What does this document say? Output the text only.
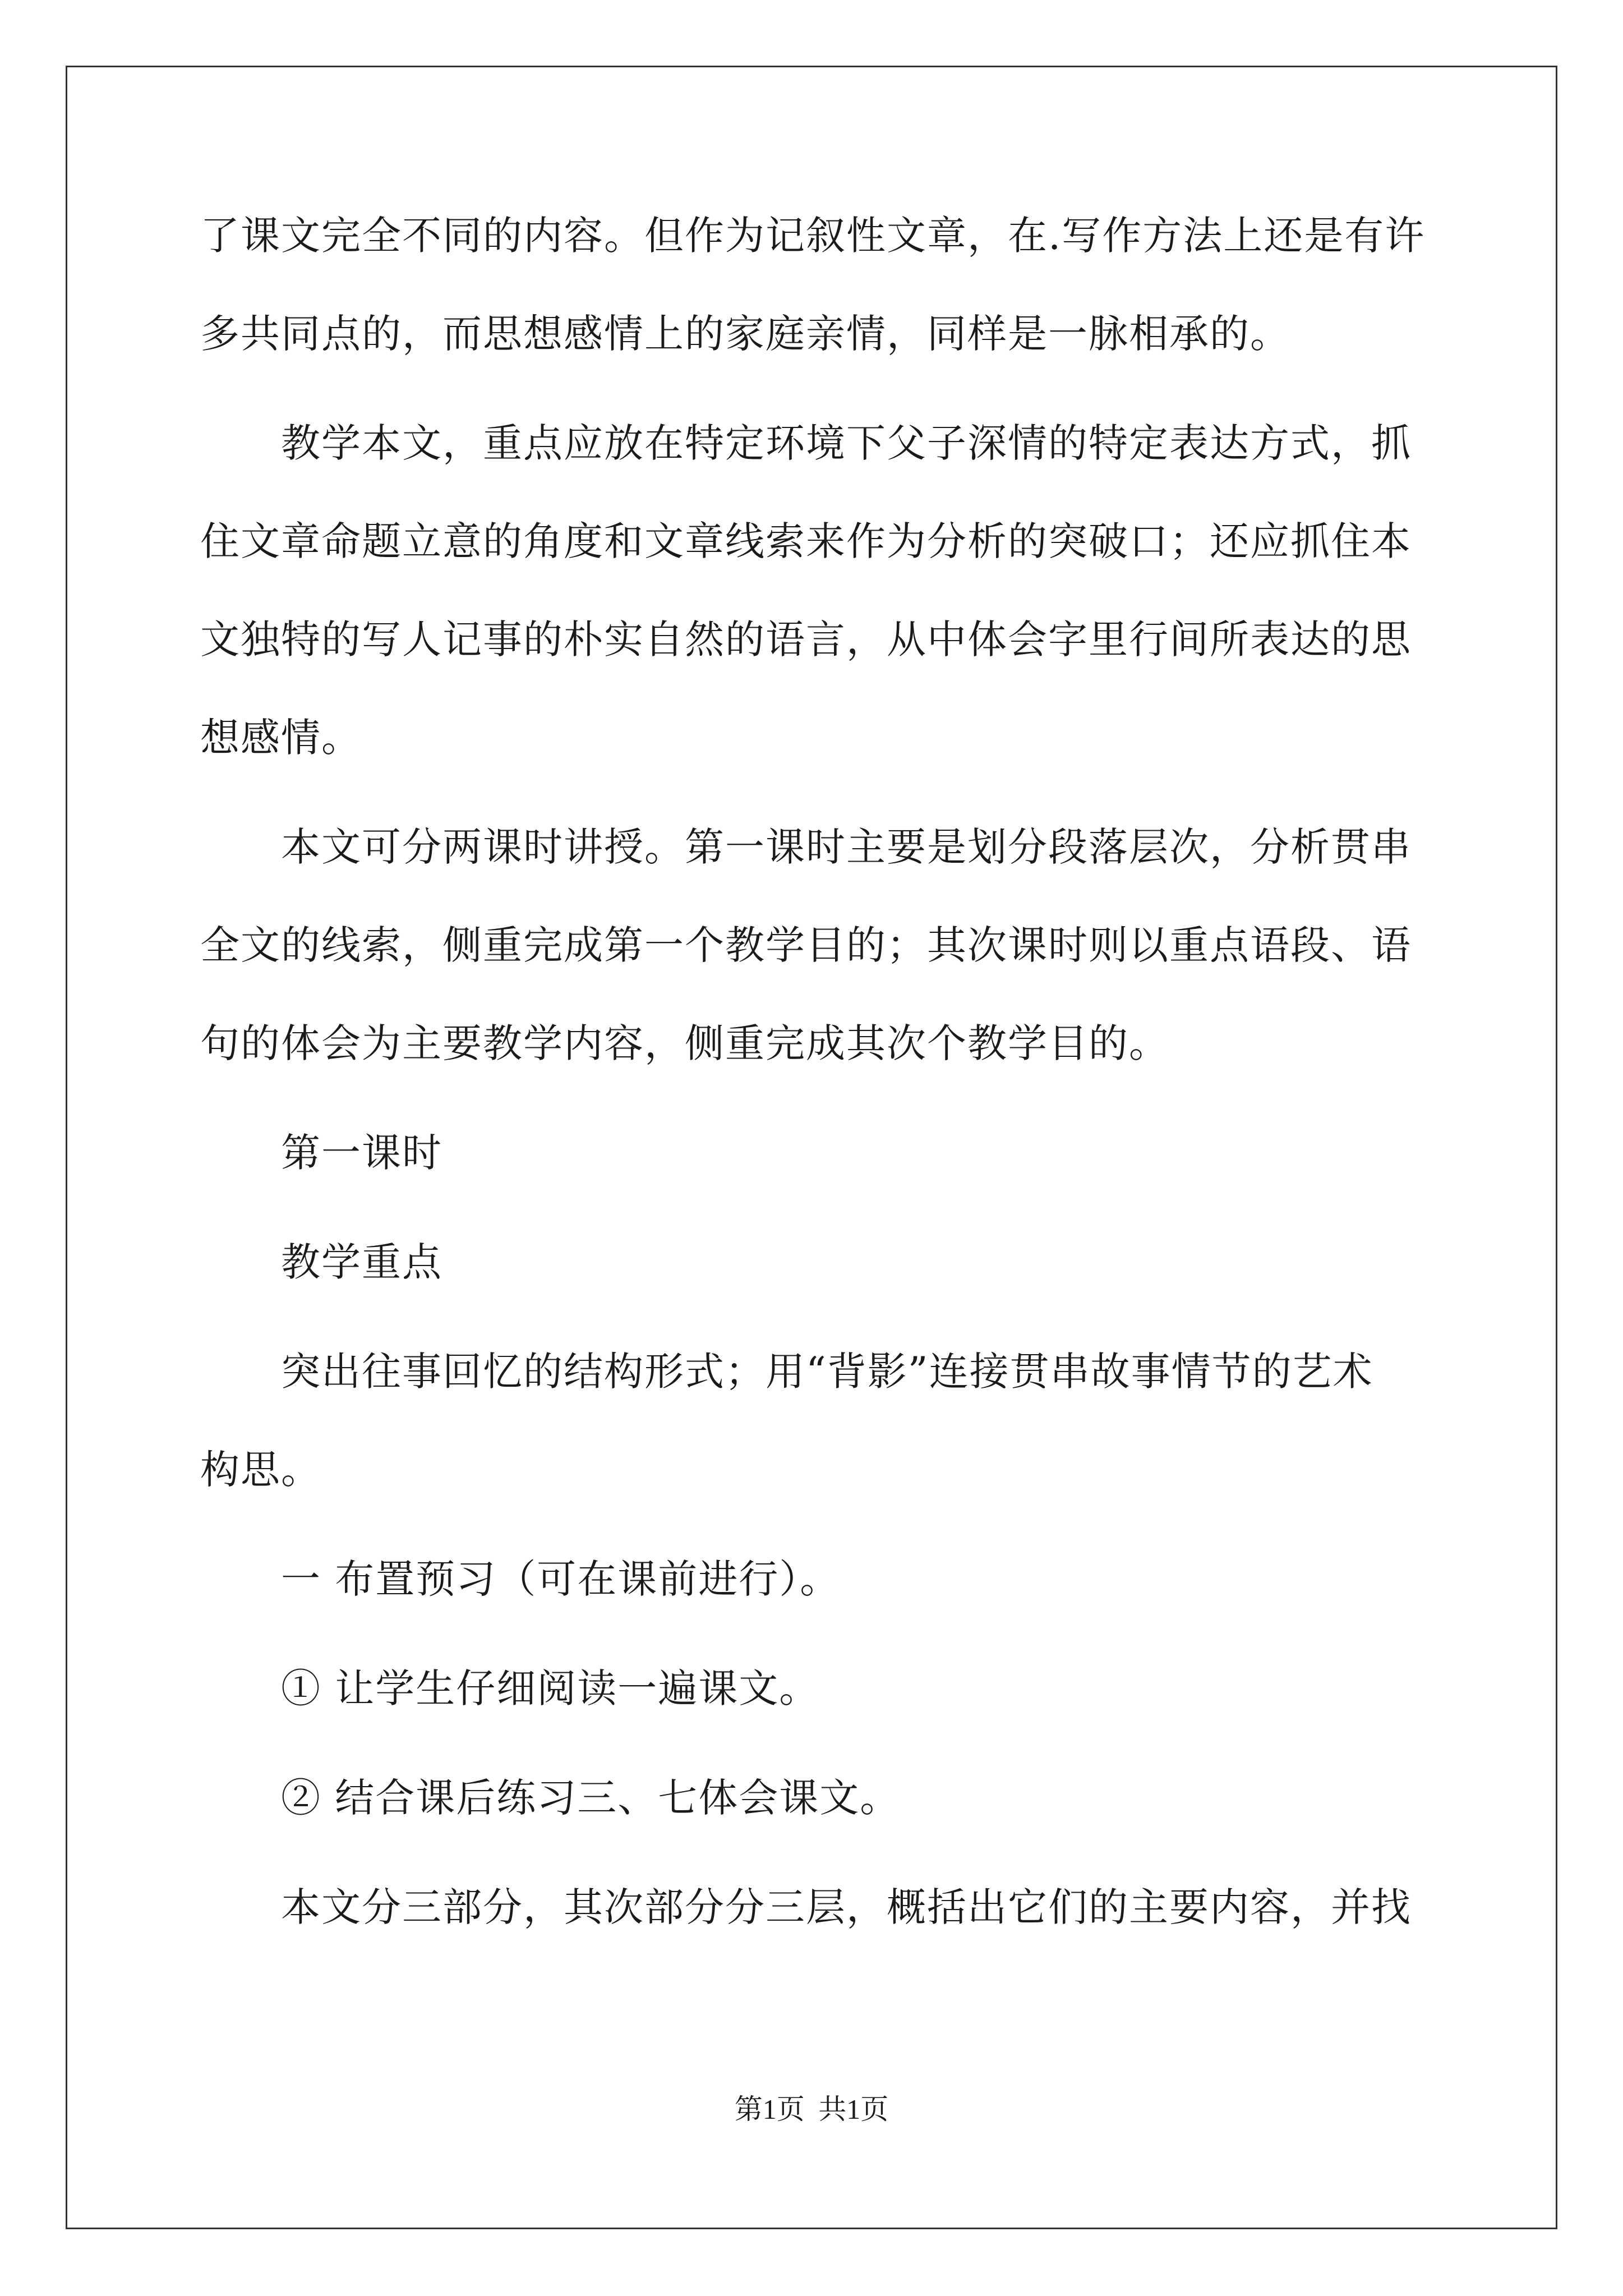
了课文完全不同的内容。但作为记叙性文章，在.写作方法上还是有许
多共同点的，而思想感情上的家庭亲情，同样是一脉相承的。
教学本文，重点应放在特定环境下父子深情的特定表达方式，抓
住文章命题立意的角度和文章线索来作为分析的突破口；还应抓住本
文独特的写人记事的朴实自然的语言，从中体会字里行间所表达的思
想感情。
本文可分两课时讲授。第一课时主要是划分段落层次，分析贯串
全文的线索，侧重完成第一个教学目的；其次课时则以重点语段、语
句的体会为主要教学内容，侧重完成其次个教学目的。
第一课时
教学重点
突出往事回忆的结构形式；用“背影”连接贯串故事情节的艺术
构思。
一 布置预习（可在课前进行）。
① 让学生仔细阅读一遍课文。
② 结合课后练习三、七体会课文。
本文分三部分，其次部分分三层，概括出它们的主要内容，并找
第1页 共1页
